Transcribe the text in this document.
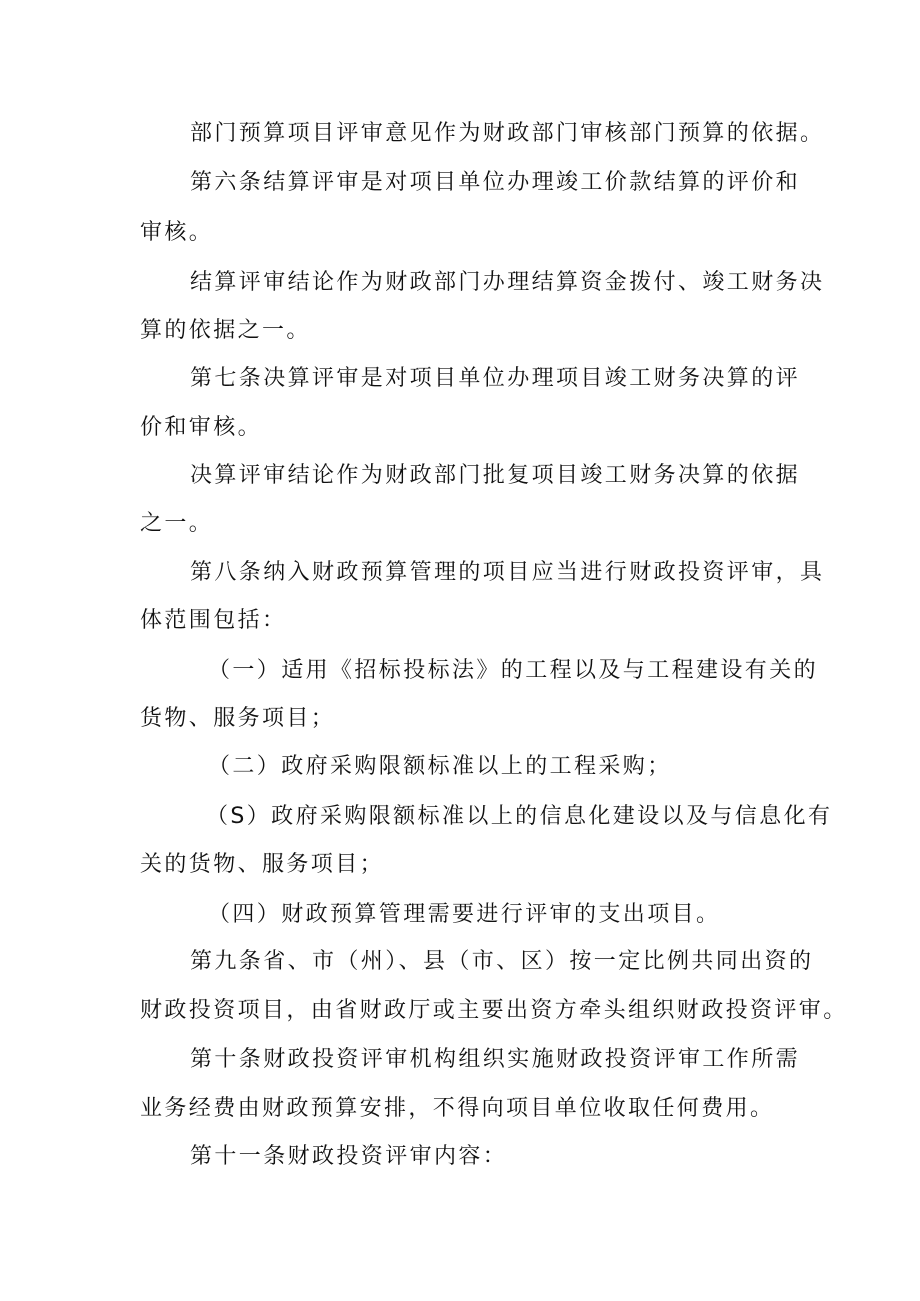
部门预算项目评审意见作为财政部门审核部门预算的依据。
第六条结算评审是对项目单位办理竣工价款结算的评价和
审核。
结算评审结论作为财政部门办理结算资金拨付、竣工财务决
算的依据之一。
第七条决算评审是对项目单位办理项目竣工财务决算的评
价和审核。
决算评审结论作为财政部门批复项目竣工财务决算的依据
之一。
第八条纳入财政预算管理的项目应当进行财政投资评审，具
体范围包括：
（一）适用《招标投标法》的工程以及与工程建设有关的
货物、服务项目；
（二）政府采购限额标准以上的工程采购；
（S）政府采购限额标准以上的信息化建设以及与信息化有
关的货物、服务项目；
（四）财政预算管理需要进行评审的支出项目。
第九条省、市（州）、县（市、区）按一定比例共同出资的
财政投资项目，由省财政厅或主要出资方牵头组织财政投资评审。
第十条财政投资评审机构组织实施财政投资评审工作所需
业务经费由财政预算安排，不得向项目单位收取任何费用。
第十一条财政投资评审内容：
